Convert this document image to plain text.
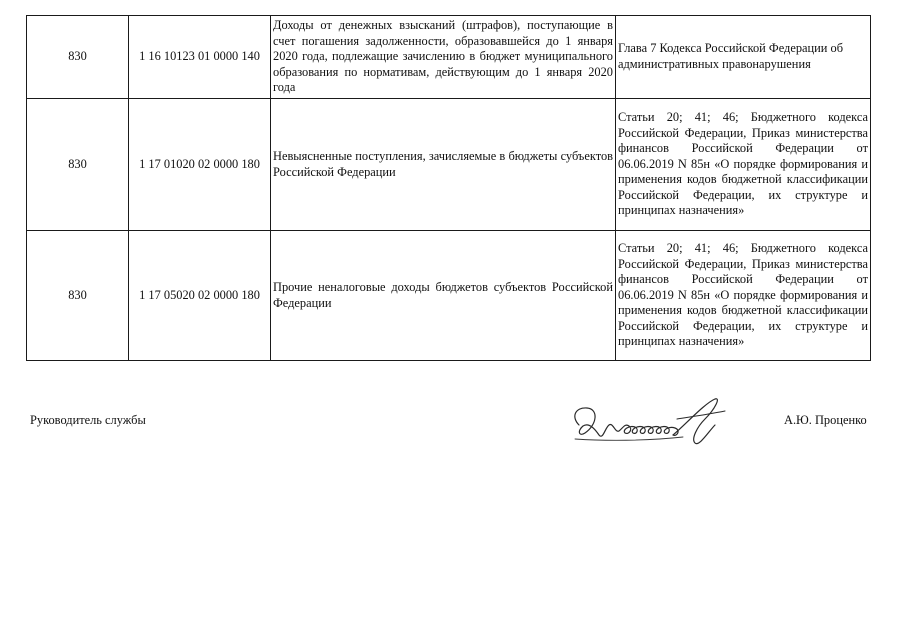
830	1 16 10123 01 0000 140	Доходы от денежных взысканий (штрафов), поступающие в счет погашения задолженности, образовавшейся до 1 января 2020 года, подлежащие зачислению в бюджет муниципального образования по нормативам, действующим до 1 января 2020 года	Глава 7 Кодекса Российской Федерации об административных правонарушения
830	1 17 01020 02 0000 180	Невыясненные поступления, зачисляемые в бюджеты субъектов Российской Федерации	Статьи 20; 41; 46; Бюджетного кодекса Российской Федерации, Приказ министерства финансов Российской Федерации от 06.06.2019 N 85н «О порядке формирования и применения кодов бюджетной классификации Российской Федерации, их структуре и принципах назначения»
830	1 17 05020 02 0000 180	Прочие неналоговые доходы бюджетов субъектов Российской Федерации	Статьи 20; 41; 46; Бюджетного кодекса Российской Федерации, Приказ министерства финансов Российской Федерации от 06.06.2019 N 85н «О порядке формирования и применения кодов бюджетной классификации Российской Федерации, их структуре и принципах назначения»
Руководитель службы	А.Ю. Проценко
